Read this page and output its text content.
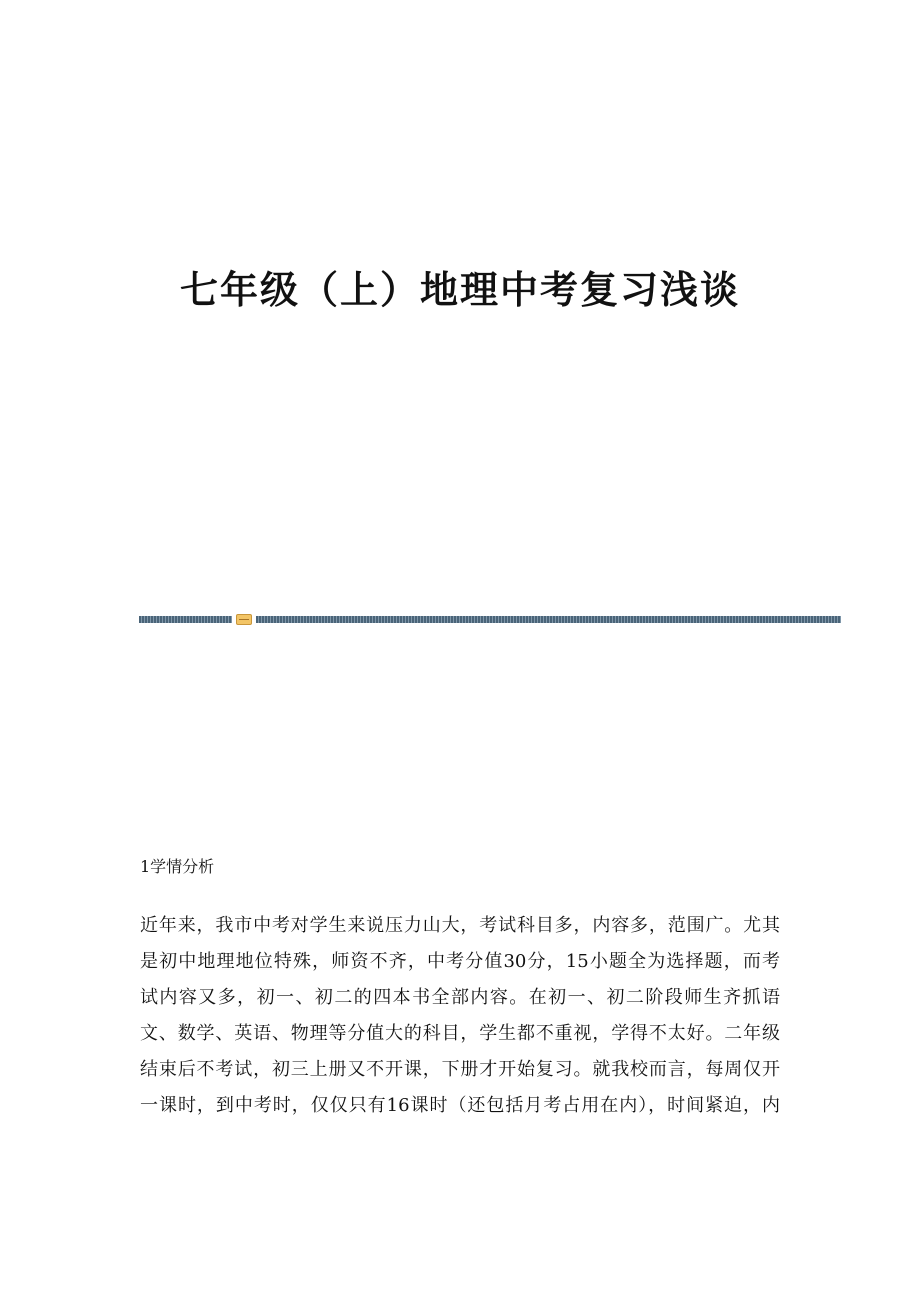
七年级（上）地理中考复习浅谈
1学情分析
近年来，我市中考对学生来说压力山大，考试科目多，内容多，范围广。尤其
是初中地理地位特殊，师资不齐，中考分值30分，15小题全为选择题，而考
试内容又多，初一、初二的四本书全部内容。在初一、初二阶段师生齐抓语
文、数学、英语、物理等分值大的科目，学生都不重视，学得不太好。二年级
结束后不考试，初三上册又不开课，下册才开始复习。就我校而言，每周仅开
一课时，到中考时，仅仅只有16课时（还包括月考占用在内），时间紧迫，内
